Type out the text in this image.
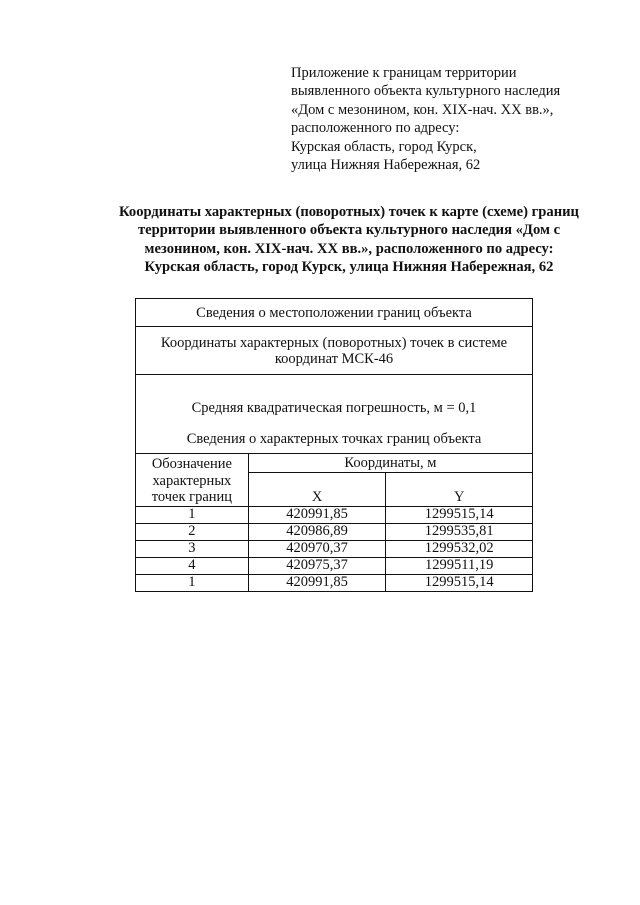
Приложение к границам территории
выявленного объекта культурного наследия
«Дом с мезонином, кон. XIX-нач. XX вв.»,
расположенного по адресу:
Курская область, город Курск,
улица Нижняя Набережная, 62
Координаты характерных (поворотных) точек к карте (схеме) границ
территории выявленного объекта культурного наследия «Дом с
мезонином, кон. XIX-нач. XX вв.», расположенного по адресу:
Курская область, город Курск, улица Нижняя Набережная, 62
Сведения о местоположении границ объекта		

Координаты характерных (поворотных) точек в системе
координат МСК-46		

Средняя квадратическая погрешность, м = 0,1
Сведения о характерных точках границ объекта		

Обозначение
характерных
точек границ	Координаты, м	
	X	Y
1	420991,85	1299515,14
2	420986,89	1299535,81
3	420970,37	1299532,02
4	420975,37	1299511,19
1	420991,85	1299515,14
